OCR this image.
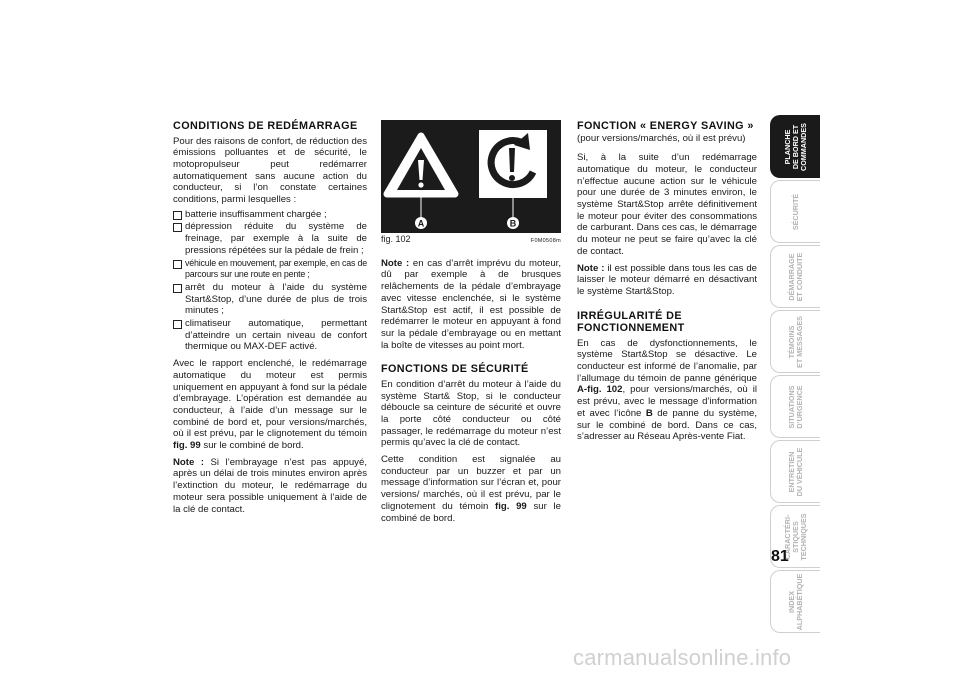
CONDITIONS DE REDÉMARRAGE

Pour des raisons de confort, de réduction des émissions polluantes et de sécurité, le motopropulseur peut redémarrer automatiquement sans aucune action du conducteur, si l’on constate certaines conditions, parmi lesquelles :

batterie insuffisamment chargée ;
dépression réduite du système de freinage, par exemple à la suite de pressions répétées sur la pédale de frein ;
véhicule en mouvement, par exemple, en cas de parcours sur une route en pente ;
arrêt du moteur à l’aide du système Start&Stop, d’une durée de plus de trois minutes ;
climatiseur automatique, permettant d’atteindre un certain niveau de confort thermique ou MAX-DEF activé.

Avec le rapport enclenché, le redémarrage automatique du moteur est permis uniquement en appuyant à fond sur la pédale d’embrayage. L’opération est demandée au conducteur, à l’aide d’un message sur le combiné de bord et, pour versions/marchés, où il est prévu, par le clignotement du témoin fig. 99 sur le combiné de bord.

Note : Si l’embrayage n’est pas appuyé, après un délai de trois minutes environ après l’extinction du moteur, le redémarrage du moteur sera possible uniquement à l’aide de la clé de contact.

A	B
fig. 102	F0M0508m

Note : en cas d’arrêt imprévu du moteur, dû par exemple à de brusques relâchements de la pédale d’embrayage avec vitesse enclenchée, si le système Start&Stop est actif, il est possible de redémarrer le moteur en appuyant à fond sur la pédale d’embrayage ou en mettant la boîte de vitesses au point mort.

FONCTIONS DE SÉCURITÉ

En condition d’arrêt du moteur à l’aide du système Start& Stop, si le conducteur déboucle sa ceinture de sécurité et ouvre la porte côté conducteur ou côté passager, le redémarrage du moteur n’est permis qu’avec la clé de contact.

Cette condition est signalée au conducteur par un buzzer et par un message d’information sur l’écran et, pour versions/ marchés, où il est prévu, par le clignotement du témoin fig. 99 sur le combiné de bord.

FONCTION « ENERGY SAVING »
(pour versions/marchés, où il est prévu)

Si, à la suite d’un redémarrage automatique du moteur, le conducteur n’effectue aucune action sur le véhicule pour une durée de 3 minutes environ, le système Start&Stop arrête définitivement le moteur pour éviter des consommations de carburant. Dans ces cas, le démarrage du moteur ne peut se faire qu’avec la clé de contact.

Note : il est possible dans tous les cas de laisser le moteur démarré en désactivant le système Start&Stop.

IRRÉGULARITÉ DE FONCTIONNEMENT

En cas de dysfonctionnements, le système Start&Stop se désactive. Le conducteur est informé de l’anomalie, par l’allumage du témoin de panne générique A-fig. 102, pour versions/marchés, où il est prévu, avec le message d’information et avec l’icône B de panne du système, sur le combiné de bord. Dans ce cas, s’adresser au Réseau Après-vente Fiat.

PLANCHE
DE BORD ET
COMMANDES
SÉCURITÉ
DÉMARRAGE
ET CONDUITE
TÉMOINS
ET MESSAGES
SITUATIONS
D’URGENCE
ENTRETIEN
DU VÉHICULE
CARACTÉRI-
STIQUES
TECHNIQUES
INDEX
ALPHABÉTIQUE
81
carmanualsonline.info
